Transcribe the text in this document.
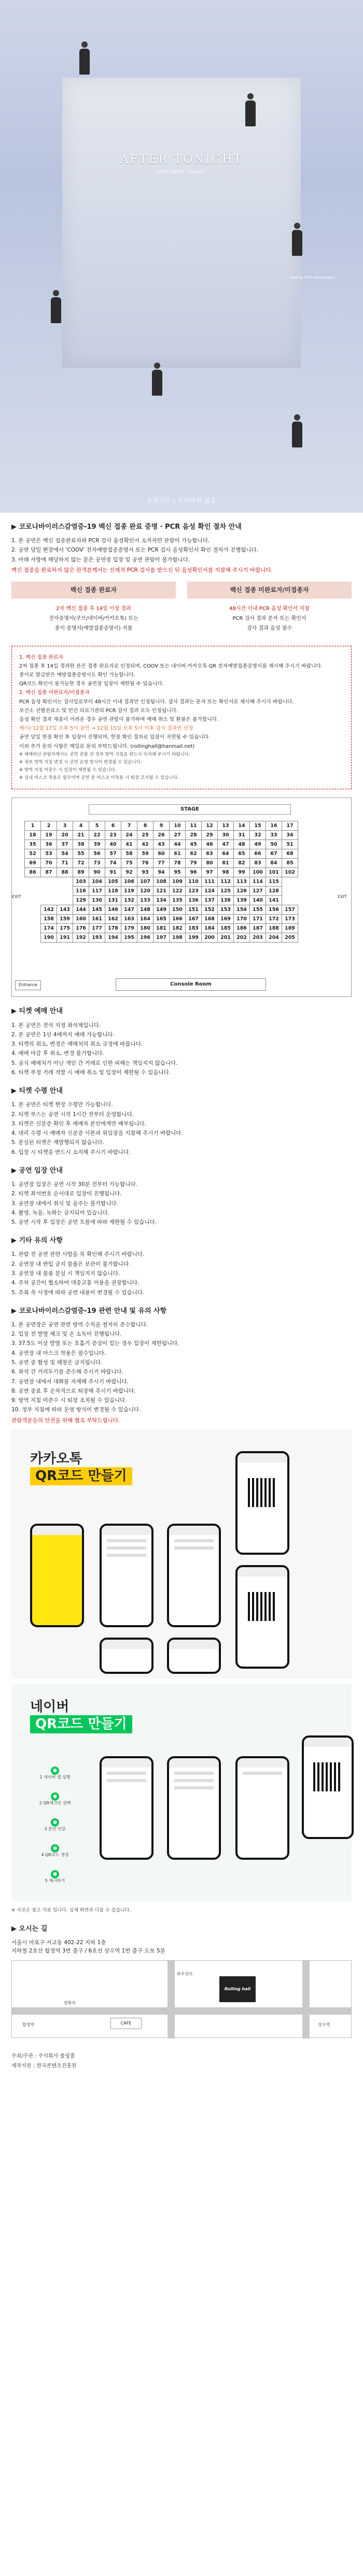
AFTER TONIGHT
2022 ADOY Concert
Rolling 27th Anniversary
공연시간 | 인터미션 없음
▶ 코로나바이러스감염증-19 백신 접종 완료 증명 · PCR 음성 확인 절차 안내
1. 본 공연은 백신 접종완료자와 PCR 검사 음성확인서 소지자만 관람이 가능합니다.
2. 공연 당일 현장에서 'COOV' 전자예방접종증명서 또는 PCR 검사 음성확인서 확인 절차가 진행됩니다.
3. 아래 사항에 해당하지 않는 분은 공연장 입장 및 공연 관람이 불가합니다.

백신 접종을 완료하지 않은 관객분께서는 선제적 PCR 검사를 받으신 뒤 음성확인서를 지참해 주시기 바랍니다.

백신 접종 완료자
2차 백신 접종 후 14일 이상 경과
전자증명서(쿠브/네이버/카카오톡) 또는
종이 증명서(예방접종증명서) 지참
백신 접종 미완료자/미접종자
48시간 이내 PCR 음성 확인서 지참
PCR 검사 결과 문자 또는 확인서
검사 결과 음성 필수

1. 백신 접종 완료자

2차 접종 후 14일 경과한 분은 접종 완료자로 인정되며, COOV 또는 네이버·카카오톡 QR 전자예방접종증명서를 제시해 주시기 바랍니다.

종이로 발급받은 예방접종증명서도 확인 가능합니다.

QR코드 확인이 불가능한 경우 공연장 입장이 제한될 수 있습니다.

2. 백신 접종 미완료자/미접종자

PCR 음성 확인서는 검사일로부터 48시간 이내 결과만 인정됩니다. 검사 결과는 문자 또는 확인서로 제시해 주시기 바랍니다.

보건소 선별진료소 및 민간 의료기관의 PCR 검사 결과 모두 인정됩니다.

음성 확인 결과 제출이 어려운 경우 공연 관람이 불가하며 예매 취소 및 환불은 불가합니다.

예시) 12월 17일 오후 5시 공연 → 12월 15일 오후 5시 이후 검사 결과만 인정

공연 당일 현장 확인 후 입장이 진행되며, 현장 확인 절차로 입장이 지연될 수 있습니다.

이외 추가 문의 사항은 메일로 문의 부탁드립니다. (rollinghall@hanmail.net)

※ 예매하신 관람자께서는 공연 관람 전 정부 방역 지침을 반드시 숙지해 주시기 바랍니다.

※ 정부 방역 지침 변경 시 공연 운영 방식이 변경될 수 있습니다.

※ 방역 지침 미준수 시 입장이 제한될 수 있습니다.

※ 실내 마스크 착용은 필수이며 공연 중 마스크 미착용 시 퇴장 조치될 수 있습니다.

STAGE
1	2	3	4	5	6	7	8	9	10	11	12	13	14	15	16	17
18	19	20	21	22	23	24	25	26	27	28	29	30	31	32	33	34
35	36	37	38	39	40	41	42	43	44	45	46	47	48	49	50	51
52	53	54	55	56	57	58	59	60	61	62	63	64	65	66	67	68
69	70	71	72	73	74	75	76	77	78	79	80	81	82	83	84	85
86	87	88	89	90	91	92	93	94	95	96	97	98	99	100	101	102
			103	104	105	106	107	108	109	110	111	112	113	114	115	
			116	117	118	119	120	121	122	123	124	125	126	127	128	
			129	130	131	132	133	134	135	136	137	138	139	140	141	
	142	143	144	145	146	147	148	149	150	151	152	153	154	155	156	157
	158	159	160	161	162	163	164	165	166	167	168	169	170	171	172	173
	174	175	176	177	178	179	180	181	182	183	184	185	186	187	188	189
	190	191	192	193	194	195	196	197	198	199	200	201	202	203	204	205
EXIT	EXIT
Entrance	Console Room
▶ 티켓 예매 안내
1. 본 공연은 전석 지정 좌석제입니다.
2. 본 공연은 1인 4매까지 예매 가능합니다.
3. 티켓의 취소, 변경은 예매처의 취소 규정에 따릅니다.
4. 예매 마감 후 취소, 변경 불가합니다.
5. 공식 예매처가 아닌 개인 간 거래로 인한 피해는 책임지지 않습니다.
6. 티켓 부정 거래 적발 시 예매 취소 및 입장이 제한될 수 있습니다.
▶ 티켓 수령 안내
1. 본 공연은 티켓 현장 수령만 가능합니다.
2. 티켓 부스는 공연 시작 1시간 전부터 운영합니다.
3. 티켓은 신분증 확인 후 예매자 본인에게만 배부됩니다.
4. 대리 수령 시 예매자 신분증 사본과 위임장을 지참해 주시기 바랍니다.
5. 분실된 티켓은 재발행되지 않습니다.
6. 입장 시 티켓을 반드시 소지해 주시기 바랍니다.
▶ 공연 입장 안내
1. 공연장 입장은 공연 시작 30분 전부터 가능합니다.
2. 티켓 좌석번호 순서대로 입장이 진행됩니다.
3. 공연장 내에서 취식 및 음주는 불가합니다.
4. 촬영, 녹음, 녹화는 금지되어 있습니다.
5. 공연 시작 후 입장은 공연 흐름에 따라 제한될 수 있습니다.
▶ 기타 유의 사항
1. 관람 전 공연 관련 사항을 꼭 확인해 주시기 바랍니다.
2. 공연장 내 반입 금지 물품은 보관이 불가합니다.
3. 공연장 내 물품 분실 시 책임지지 않습니다.
4. 주차 공간이 협소하여 대중교통 이용을 권장합니다.
5. 주최 측 사정에 따라 공연 내용이 변경될 수 있습니다.
▶ 코로나바이러스감염증-19 관련 안내 및 유의 사항
1. 본 공연장은 공연 관련 방역 수칙을 철저히 준수합니다.
2. 입장 전 발열 체크 및 손 소독이 진행됩니다.
3. 37.5도 이상 발열 또는 호흡기 증상이 있는 경우 입장이 제한됩니다.
4. 공연장 내 마스크 착용은 필수입니다.
5. 공연 중 함성 및 떼창은 금지됩니다.
6. 좌석 간 거리두기를 준수해 주시기 바랍니다.
7. 공연장 내에서 대화를 자제해 주시기 바랍니다.
8. 공연 종료 후 순차적으로 퇴장해 주시기 바랍니다.
9. 방역 지침 미준수 시 퇴장 조치될 수 있습니다.
10. 정부 지침에 따라 운영 방식이 변경될 수 있습니다.

관람객분들의 안전을 위해 협조 부탁드립니다.

카카오톡
QR코드 만들기
네이버
QR코드 만들기
●
1 네이버 앱 실행
●
2 QR체크인 선택
●
3 본인 인증
●
4 QR코드 생성
●
5 제시하기

※ 사진은 참고 자료 입니다. 실제 화면과 다를 수 있습니다.

▶ 오시는 길

서울시 마포구 서교동 402-22 지하 1층

지하철 2호선 합정역 3번 출구 / 6호선 상수역 1번 출구 도보 5분

Rolling hall
CAFE
합정역	상수역
양화로
와우산로
주최/주관 : 주식회사 롤링홀
제작지원 : 한국콘텐츠진흥원
